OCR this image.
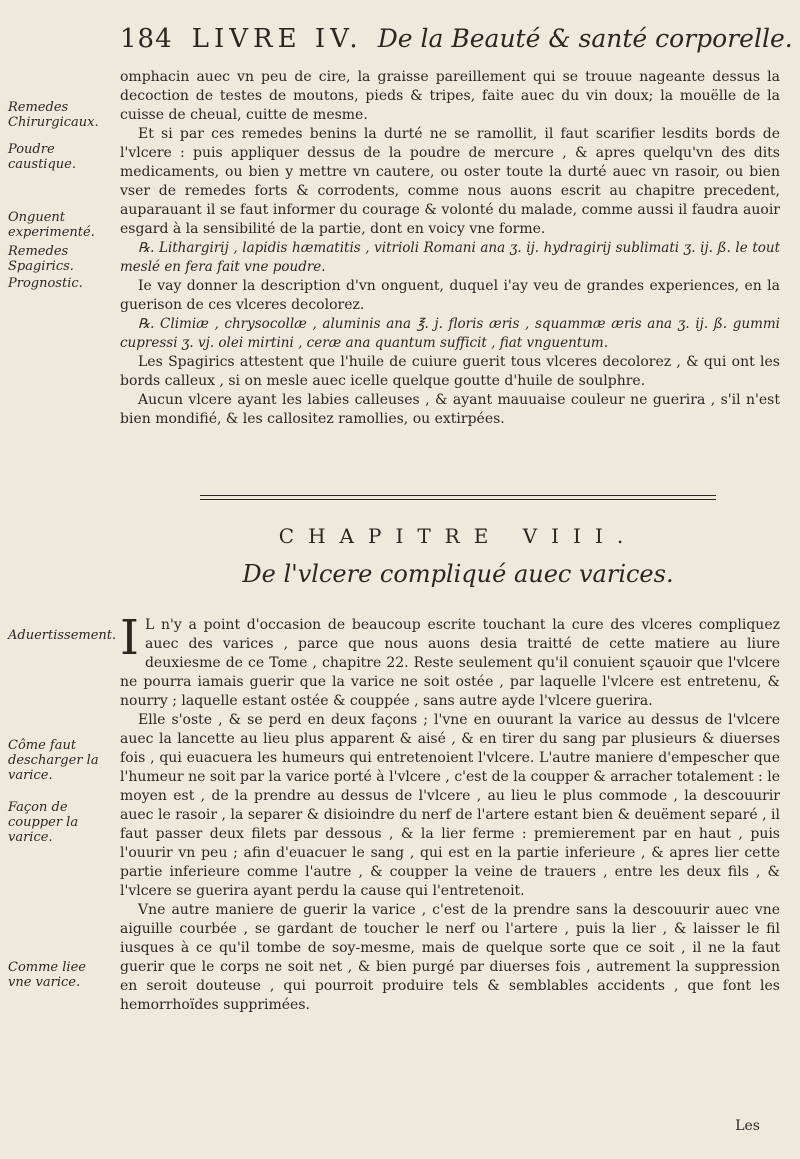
184 LIVRE IV. De la Beauté & santé corporelle.
Remedes Chirurgicaux.
Poudre caustique.
Onguent experimenté.
Remedes Spagirics.
Prognostic.

omphacin auec vn peu de cire, la graisse pareillement qui se trouue nageante dessus la decoction de testes de moutons, pieds & tripes, faite auec du vin doux; la mouëlle de la cuisse de cheual, cuitte de mesme.

Et si par ces remedes benins la durté ne se ramollit, il faut scarifier lesdits bords de l'vlcere : puis appliquer dessus de la poudre de mercure , & apres quelqu'vn des dits medicaments, ou bien y mettre vn cautere, ou oster toute la durté auec vn rasoir, ou bien vser de remedes forts & corrodents, comme nous auons escrit au chapitre precedent, auparauant il se faut informer du courage & volonté du malade, comme aussi il faudra auoir esgard à la sensibilité de la partie, dont en voicy vne forme.

℞. Lithargirij , lapidis hæmatitis , vitrioli Romani ana ʒ. ij. hydragirij sublimati ʒ. ij. ß. le tout meslé en fera fait vne poudre.

Ie vay donner la description d'vn onguent, duquel i'ay veu de grandes experiences, en la guerison de ces vlceres decolorez.

℞. Climiæ , chrysocollæ , aluminis ana ℥. j. floris æris , squammæ æris ana ʒ. ij. ß. gummi cupressi ʒ. vj. olei mirtini , ceræ ana quantum sufficit , fiat vnguentum.

Les Spagirics attestent que l'huile de cuiure guerit tous vlceres decolorez , & qui ont les bords calleux , si on mesle auec icelle quelque goutte d'huile de soulphre.

Aucun vlcere ayant les labies calleuses , & ayant mauuaise couleur ne guerira , s'il n'est bien mondifié, & les callositez ramollies, ou extirpées.

CHAPITRE VIII.
De l'vlcere compliqué auec varices.
Aduertissement.
Côme faut descharger la varice.
Façon de coupper la varice.
Comme liee vne varice.

I L n'y a point d'occasion de beaucoup escrite touchant la cure des vlceres compliquez auec des varices , parce que nous auons desia traitté de cette matiere au liure deuxiesme de ce Tome , chapitre 22. Reste seulement qu'il conuient sçauoir que l'vlcere ne pourra iamais guerir que la varice ne soit ostée , par laquelle l'vlcere est entretenu, & nourry ; laquelle estant ostée & couppée , sans autre ayde l'vlcere guerira.

Elle s'oste , & se perd en deux façons ; l'vne en ouurant la varice au dessus de l'vlcere auec la lancette au lieu plus apparent & aisé , & en tirer du sang par plusieurs & diuerses fois , qui euacuera les humeurs qui entretenoient l'vlcere. L'autre maniere d'empescher que l'humeur ne soit par la varice porté à l'vlcere , c'est de la coupper & arracher totalement : le moyen est , de la prendre au dessus de l'vlcere , au lieu le plus commode , la descouurir auec le rasoir , la separer & disioindre du nerf de l'artere estant bien & deuëment separé , il faut passer deux filets par dessous , & la lier ferme : premierement par en haut , puis l'ouurir vn peu ; afin d'euacuer le sang , qui est en la partie inferieure , & apres lier cette partie inferieure comme l'autre , & coupper la veine de trauers , entre les deux fils , & l'vlcere se guerira ayant perdu la cause qui l'entretenoit.

Vne autre maniere de guerir la varice , c'est de la prendre sans la descouurir auec vne aiguille courbée , se gardant de toucher le nerf ou l'artere , puis la lier , & laisser le fil iusques à ce qu'il tombe de soy-mesme, mais de quelque sorte que ce soit , il ne la faut guerir que le corps ne soit net , & bien purgé par diuerses fois , autrement la suppression en seroit douteuse , qui pourroit produire tels & semblables accidents , que font les hemorrhoïdes supprimées.

Les
